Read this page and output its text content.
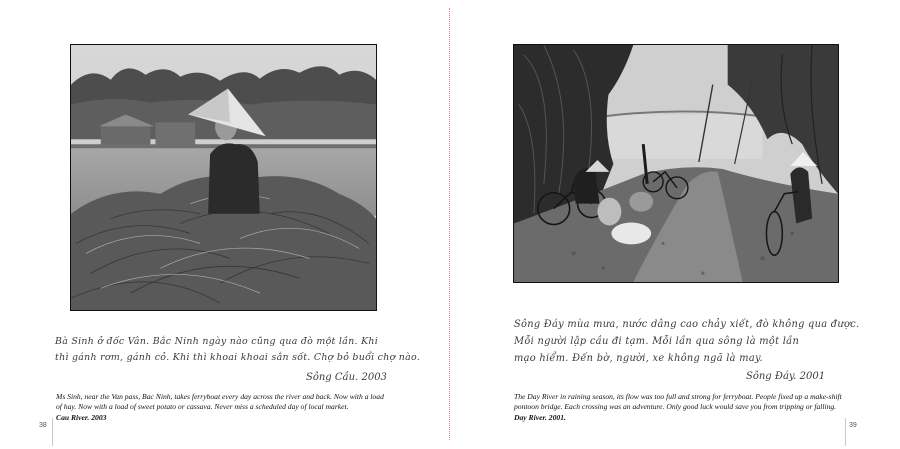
Bà Sinh ở đốc Vân. Bắc Ninh ngày nào cũng qua đò một lần. Khi
thì gánh rơm, gánh cỏ. Khi thì khoai khoai sắn sốt. Chợ bỏ buổi chợ nào.
Sông Cầu. 2003
Ms Sinh, near the Van pass, Bac Ninh, takes ferryboat every day across the river and back. Now with a load of hay. Now with a load of sweet potato or cassava. Never miss a scheduled day of local market.
Cau River. 2003
38
Sông Đáy mùa mưa, nước dâng cao chảy xiết, đò không qua được.
Mỗi người lập cầu đi tạm. Mỗi lần qua sông là một lần
mạo hiểm. Đến bờ, người, xe không ngã là may.
Sông Đáy. 2001
The Day River in raining season, its flow was too full and strong for ferryboat. People fixed up a make-shift pontoon bridge. Each crossing was an adventure. Only good luck would save you from tripping or falling.
Day River. 2001.
39
